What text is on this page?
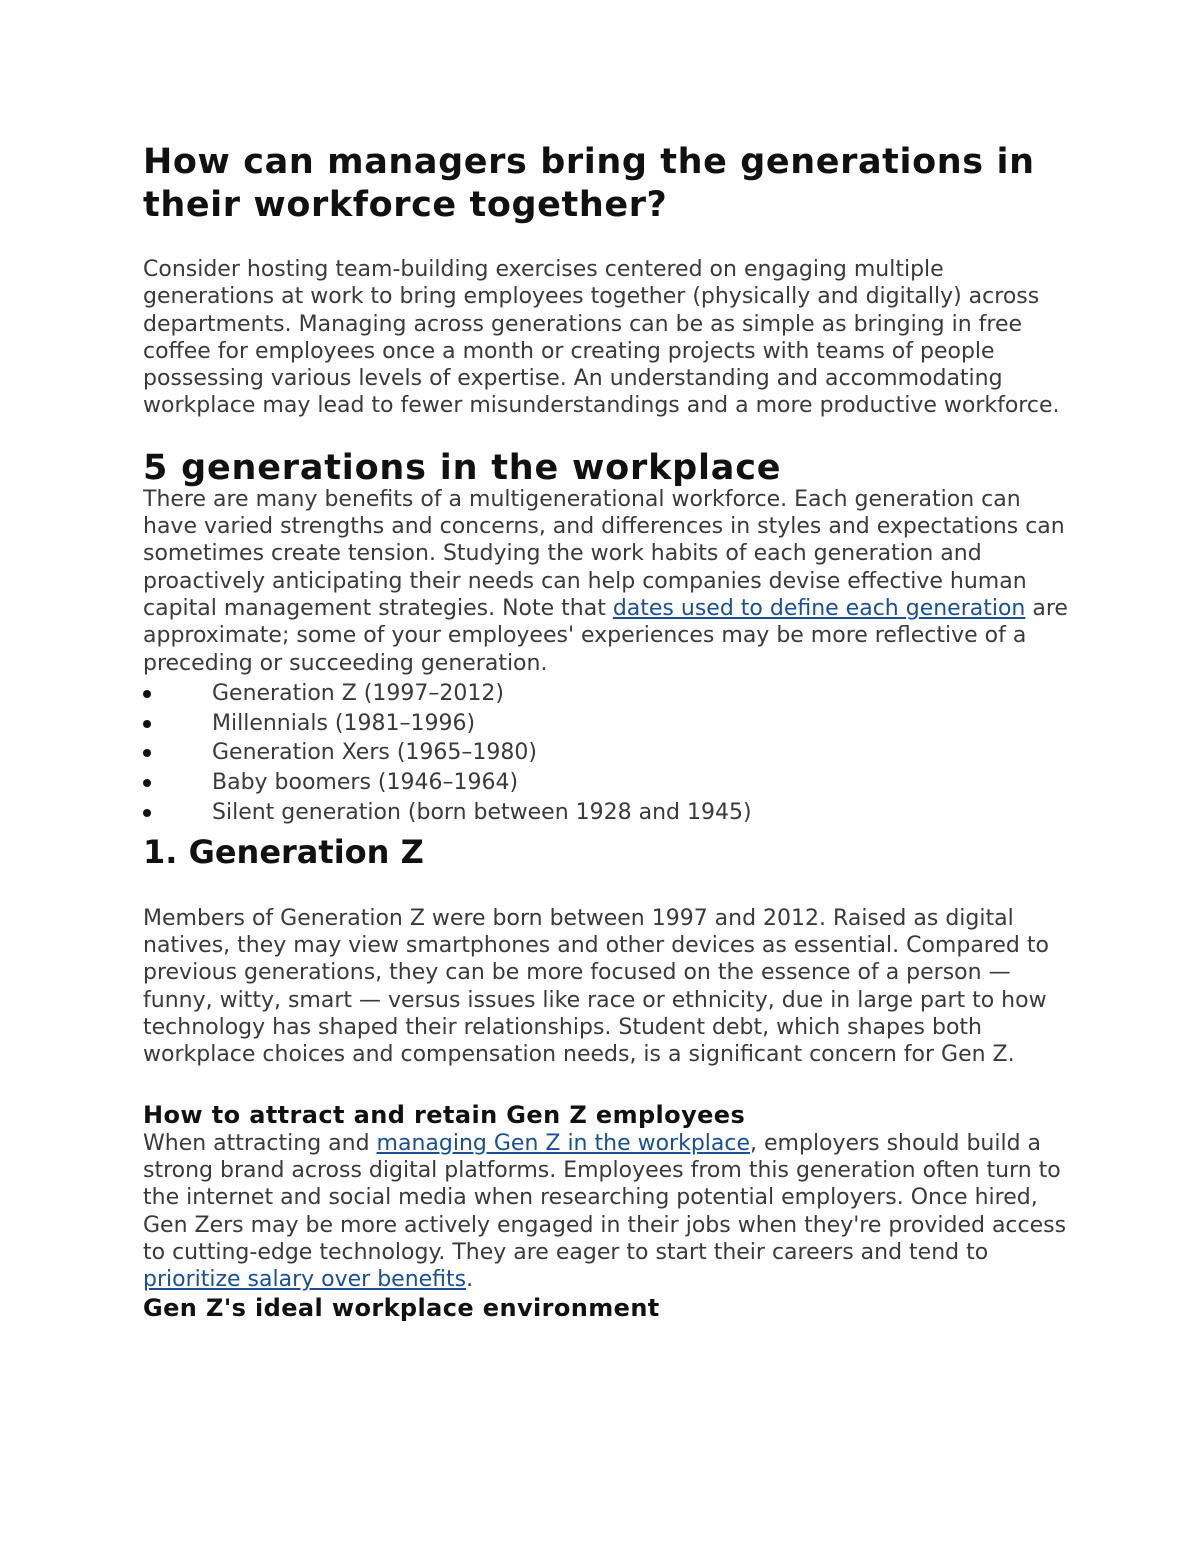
How can managers bring the generations in their workforce together?

Consider hosting team-building exercises centered on engaging multiple generations at work to bring employees together (physically and digitally) across departments. Managing across generations can be as simple as bringing in free coffee for employees once a month or creating projects with teams of people possessing various levels of expertise. An understanding and accommodating workplace may lead to fewer misunderstandings and a more productive workforce.

5 generations in the workplace

There are many benefits of a multigenerational workforce. Each generation can have varied strengths and concerns, and differences in styles and expectations can sometimes create tension. Studying the work habits of each generation and proactively anticipating their needs can help companies devise effective human capital management strategies. Note that dates used to define each generation are approximate; some of your employees' experiences may be more reflective of a preceding or succeeding generation.

Generation Z (1997–2012)
Millennials (1981–1996)
Generation Xers (1965–1980)
Baby boomers (1946–1964)
Silent generation (born between 1928 and 1945)
1. Generation Z

Members of Generation Z were born between 1997 and 2012. Raised as digital natives, they may view smartphones and other devices as essential. Compared to previous generations, they can be more focused on the essence of a person — funny, witty, smart — versus issues like race or ethnicity, due in large part to how technology has shaped their relationships. Student debt, which shapes both workplace choices and compensation needs, is a significant concern for Gen Z.

How to attract and retain Gen Z employees

When attracting and managing Gen Z in the workplace, employers should build a strong brand across digital platforms. Employees from this generation often turn to the internet and social media when researching potential employers. Once hired, Gen Zers may be more actively engaged in their jobs when they're provided access to cutting-edge technology. They are eager to start their careers and tend to prioritize salary over benefits.

Gen Z's ideal workplace environment
